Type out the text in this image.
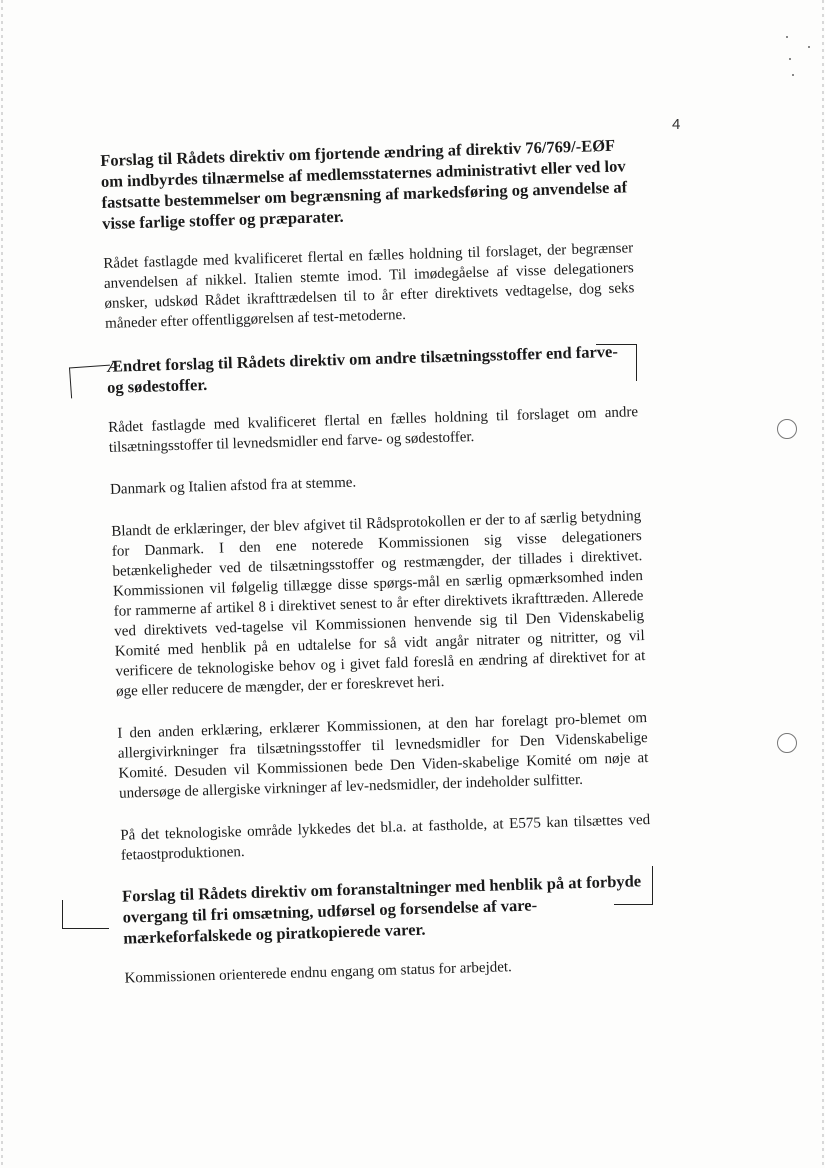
4
Forslag til Rådets direktiv om fjortende ændring af direktiv 76/769/-EØF om indbyrdes tilnærmelse af medlemsstaternes administrativt eller ved lov fastsatte bestemmelser om begrænsning af markedsføring og anvendelse af visse farlige stoffer og præparater.
Rådet fastlagde med kvalificeret flertal en fælles holdning til forslaget, der begrænser anvendelsen af nikkel. Italien stemte imod. Til imødegåelse af visse delegationers ønsker, udskød Rådet ikrafttrædelsen til to år efter direktivets vedtagelse, dog seks måneder efter offentliggørelsen af test-metoderne.
Ændret forslag til Rådets direktiv om andre tilsætningsstoffer end farve- og sødestoffer.
Rådet fastlagde med kvalificeret flertal en fælles holdning til forslaget om andre tilsætningsstoffer til levnedsmidler end farve- og sødestoffer.
Danmark og Italien afstod fra at stemme.
Blandt de erklæringer, der blev afgivet til Rådsprotokollen er der to af særlig betydning for Danmark. I den ene noterede Kommissionen sig visse delegationers betænkeligheder ved de tilsætningsstoffer og restmængder, der tillades i direktivet. Kommissionen vil følgelig tillægge disse spørgs-mål en særlig opmærksomhed inden for rammerne af artikel 8 i direktivet senest to år efter direktivets ikrafttræden. Allerede ved direktivets ved-tagelse vil Kommissionen henvende sig til Den Videnskabelig Komité med henblik på en udtalelse for så vidt angår nitrater og nitritter, og vil verificere de teknologiske behov og i givet fald foreslå en ændring af direktivet for at øge eller reducere de mængder, der er foreskrevet heri.
I den anden erklæring, erklærer Kommissionen, at den har forelagt pro-blemet om allergivirkninger fra tilsætningsstoffer til levnedsmidler for Den Videnskabelige Komité. Desuden vil Kommissionen bede Den Viden-skabelige Komité om nøje at undersøge de allergiske virkninger af lev-nedsmidler, der indeholder sulfitter.
På det teknologiske område lykkedes det bl.a. at fastholde, at E575 kan tilsættes ved fetaostproduktionen.
Forslag til Rådets direktiv om foranstaltninger med henblik på at forbyde overgang til fri omsætning, udførsel og forsendelse af vare-mærkeforfalskede og piratkopierede varer.
Kommissionen orienterede endnu engang om status for arbejdet.
